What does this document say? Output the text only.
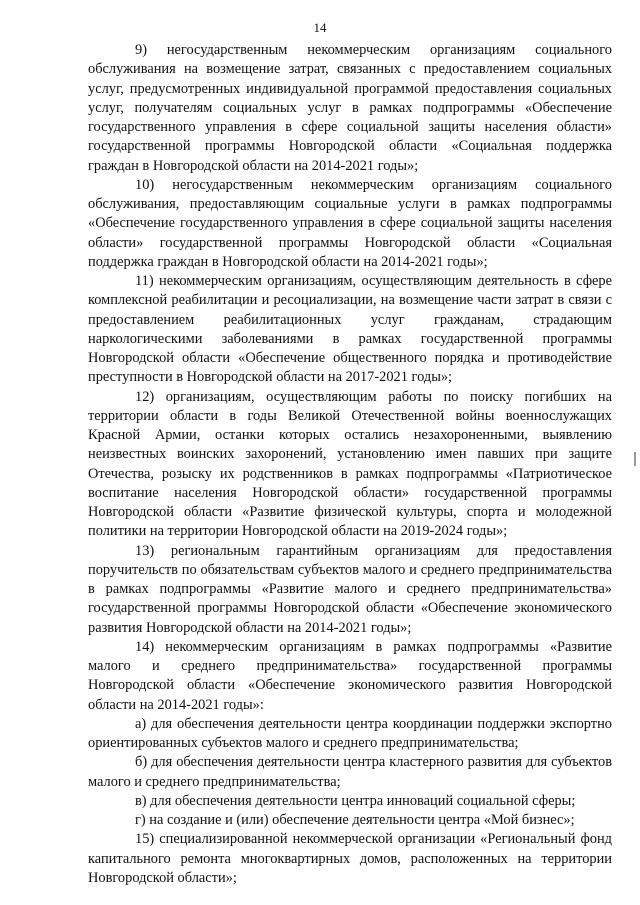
14

9) негосударственным некоммерческим организациям социального обслуживания на возмещение затрат, связанных с предоставлением социальных услуг, предусмотренных индивидуальной программой предоставления социальных услуг, получателям социальных услуг в рамках подпрограммы «Обеспечение государственного управления в сфере социальной защиты населения области» государственной программы Новгородской области «Социальная поддержка граждан в Новгородской области на 2014-2021 годы»;

10) негосударственным некоммерческим организациям социального обслуживания, предоставляющим социальные услуги в рамках подпрограммы «Обеспечение государственного управления в сфере социальной защиты населения области» государственной программы Новгородской области «Социальная поддержка граждан в Новгородской области на 2014-2021 годы»;

11) некоммерческим организациям, осуществляющим деятельность в сфере комплексной реабилитации и ресоциализации, на возмещение части затрат в связи с предоставлением реабилитационных услуг гражданам, страдающим наркологическими заболеваниями в рамках государственной программы Новгородской области «Обеспечение общественного порядка и противодействие преступности в Новгородской области на 2017-2021 годы»;

12) организациям, осуществляющим работы по поиску погибших на территории области в годы Великой Отечественной войны военнослужащих Красной Армии, останки которых остались незахороненными, выявлению неизвестных воинских захоронений, установлению имен павших при защите Отечества, розыску их родственников в рамках подпрограммы «Патриотическое воспитание населения Новгородской области» государственной программы Новгородской области «Развитие физической культуры, спорта и молодежной политики на территории Новгородской области на 2019-2024 годы»;

13) региональным гарантийным организациям для предоставления поручительств по обязательствам субъектов малого и среднего предпринимательства в рамках подпрограммы «Развитие малого и среднего предпринимательства» государственной программы Новгородской области «Обеспечение экономического развития Новгородской области на 2014-2021 годы»;

14) некоммерческим организациям в рамках подпрограммы «Развитие малого и среднего предпринимательства» государственной программы Новгородской области «Обеспечение экономического развития Новгородской области на 2014-2021 годы»:

а) для обеспечения деятельности центра координации поддержки экспортно ориентированных субъектов малого и среднего предпринимательства;

б) для обеспечения деятельности центра кластерного развития для субъектов малого и среднего предпринимательства;

в) для обеспечения деятельности центра инноваций социальной сферы;

г) на создание и (или) обеспечение деятельности центра «Мой бизнес»;

15) специализированной некоммерческой организации «Региональный фонд капитального ремонта многоквартирных домов, расположенных на территории Новгородской области»;
